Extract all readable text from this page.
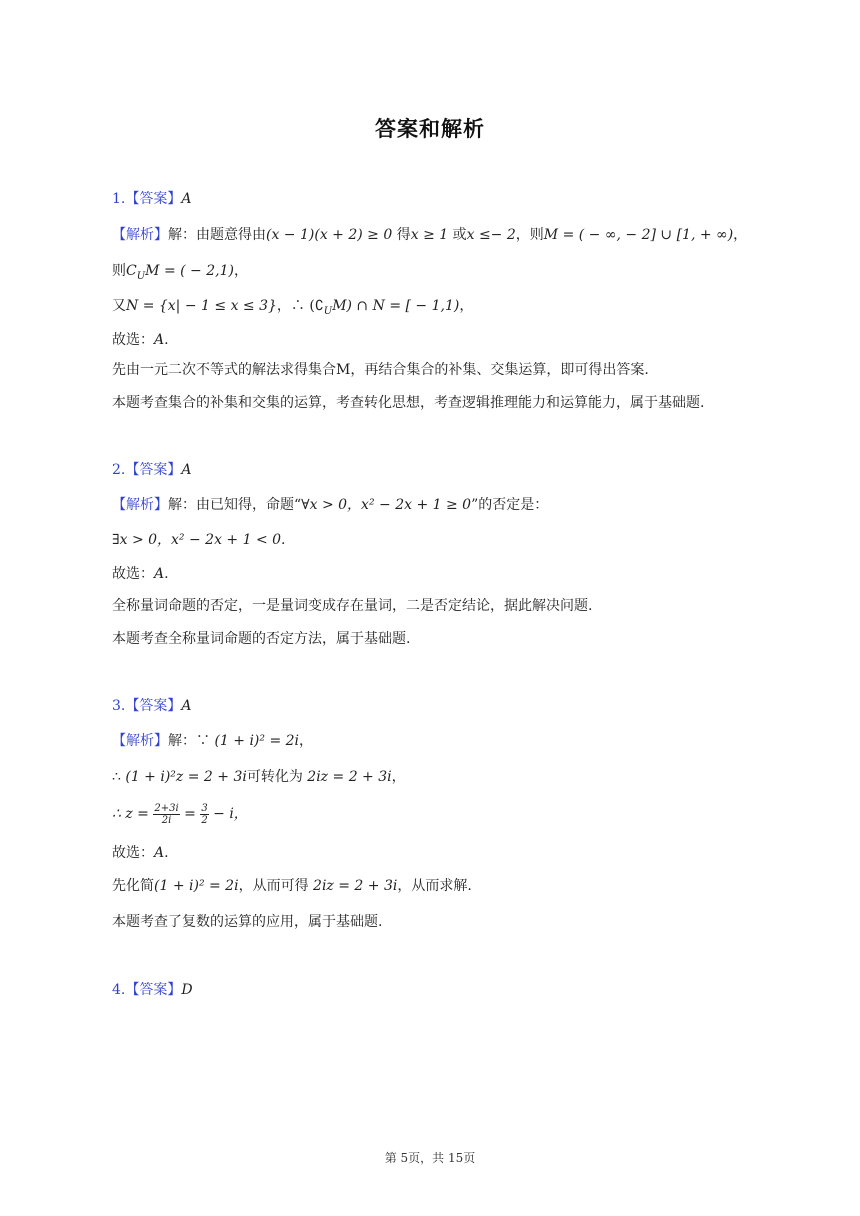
答案和解析
1.【答案】A
【解析】解：由题意得由(x − 1)(x + 2) ≥ 0 得x ≥ 1 或x ≤− 2，则M = ( − ∞, − 2] ∪ [1, + ∞)，
则$C_UM$ = ( − 2,1)，
又N = {x| − 1 ≤ x ≤ 3}，∴ $(∁_UM)$ ∩ N = [ − 1,1)，
故选：A.
先由一元二次不等式的解法求得集合M，再结合集合的补集、交集运算，即可得出答案.
本题考查集合的补集和交集的运算，考查转化思想，考查逻辑推理能力和运算能力，属于基础题.
2.【答案】A
【解析】解：由已知得，命题“∀x > 0，x² − 2x + 1 ≥ 0”的否定是：
∃x > 0，x² − 2x + 1 < 0.
故选：A.
全称量词命题的否定，一是量词变成存在量词，二是否定结论，据此解决问题.
本题考查全称量词命题的否定方法，属于基础题.
3.【答案】A
【解析】解：∵ (1 + i)² = 2i，
∴ (1 + i)²z = 2 + 3i可转化为 2iz = 2 + 3i，
∴ $z = \frac{2+3i}{2i} = \frac{3}{2} - i$，
故选：A.
先化简(1 + i)² = 2i，从而可得 2iz = 2 + 3i，从而求解.
本题考查了复数的运算的应用，属于基础题.
4.【答案】D
第 5页，共 15页
